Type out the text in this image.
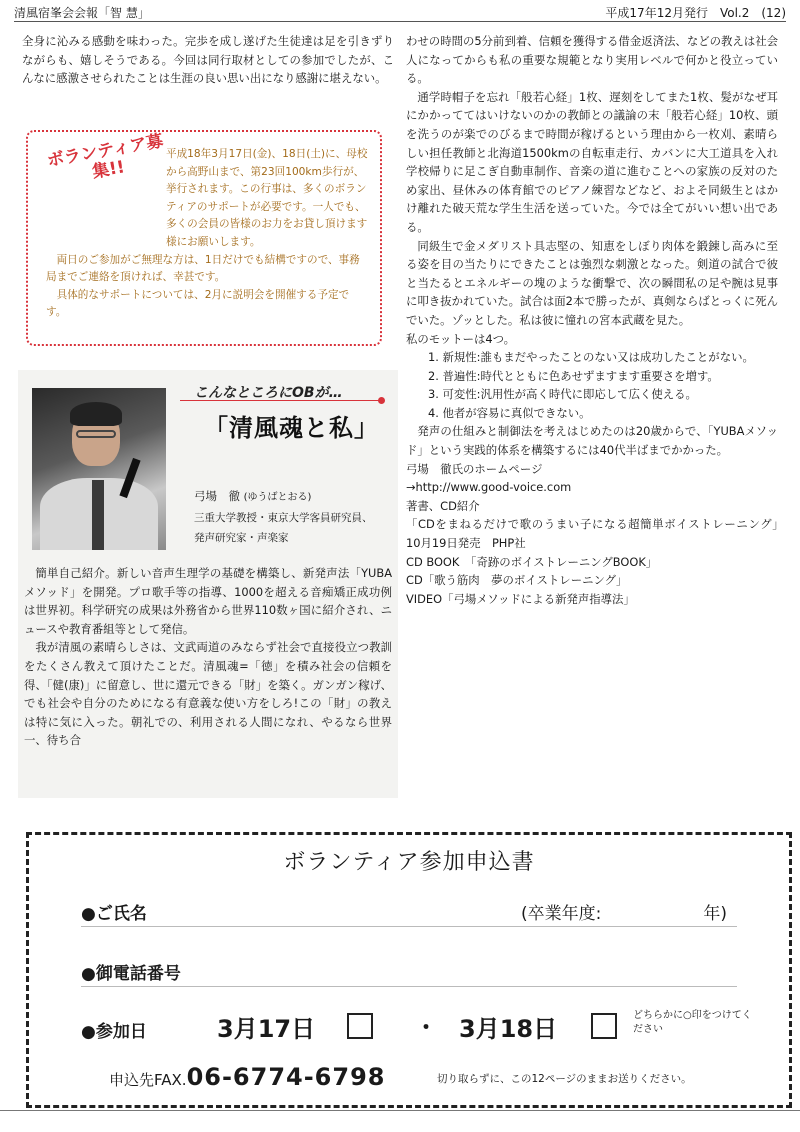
清風宿峯会会報「智 慧」	平成17年12月発行　Vol.2　(12)

全身に沁みる感動を味わった。完歩を成し遂げた生徒達は足を引きずりながらも、嬉しそうである。今回は同行取材としての参加でしたが、こんなに感激させられたことは生涯の良い思い出になり感謝に堪えない。

平成18年3月17日(金)、18日(土)に、母校から高野山まで、第23回100km歩行が、挙行されます。この行事は、多くのボランティアのサポートが必要です。一人でも、多くの会員の皆様のお力をお貸し頂けます様にお願いします。

両日のご参加がご無理な方は、1日だけでも結構ですので、事務局までご連絡を頂ければ、幸甚です。

具体的なサポートについては、2月に説明会を開催する予定です。

ボランティア募集!!
こんなところにOBが…
「清風魂と私」
弓場　徹 (ゆうばとおる)
三重大学教授・東京大学客員研究員、
発声研究家・声楽家

簡単自己紹介。新しい音声生理学の基礎を構築し、新発声法「YUBAメソッド」を開発。プロ歌手等の指導、1000を超える音痴矯正成功例は世界初。科学研究の成果は外務省から世界110数ヶ国に紹介され、ニュースや教育番組等として発信。

我が清風の素晴らしさは、文武両道のみならず社会で直接役立つ教訓をたくさん教えて頂けたことだ。清風魂=「徳」を積み社会の信頼を得、「健(康)」に留意し、世に還元できる「財」を築く。ガンガン稼げ、でも社会や自分のためになる有意義な使い方をしろ!この「財」の教えは特に気に入った。朝礼での、利用される人間になれ、やるなら世界一、待ち合

わせの時間の5分前到着、信頼を獲得する借金返済法、などの教えは社会人になってからも私の重要な規範となり実用レベルで何かと役立っている。

通学時帽子を忘れ「般若心経」1枚、遅刻をしてまた1枚、髪がなぜ耳にかかっててはいけないのかの教師との議論の末「般若心経」10枚、頭を洗うのが楽でのびるまで時間が稼げるという理由から一枚刈、素晴らしい担任教師と北海道1500kmの自転車走行、カバンに大工道具を入れ学校帰りに足こぎ自動車制作、音楽の道に進むことへの家族の反対のため家出、昼休みの体育館でのピアノ練習などなど、およそ同級生とはかけ離れた破天荒な学生生活を送っていた。今では全てがいい想い出である。

同級生で金メダリスト具志堅の、知恵をしぼり肉体を鍛錬し高みに至る姿を目の当たりにできたことは強烈な刺激となった。剣道の試合で彼と当たるとエネルギーの塊のような衝撃で、次の瞬間私の足や腕は見事に叩き抜かれていた。試合は面2本で勝ったが、真剣ならばとっくに死んでいた。ゾッとした。私は彼に憧れの宮本武蔵を見た。

私のモットーは4つ。

1. 新規性:誰もまだやったことのない又は成功したことがない。

2. 普遍性:時代とともに色あせずますます重要さを増す。

3. 可変性:汎用性が高く時代に即応して広く使える。

4. 他者が容易に真似できない。

発声の仕組みと制御法を考えはじめたのは20歳からで、「YUBAメソッド」という実践的体系を構築するには40代半ばまでかかった。

弓場　徹氏のホームページ

→http://www.good-voice.com

著書、CD紹介

「CDをまねるだけで歌のうまい子になる超簡単ボイストレーニング」　10月19日発売　PHP社

CD BOOK　「奇跡のボイストレーニングBOOK」

CD「歌う筋肉　夢のボイストレーニング」

VIDEO「弓場メソッドによる新発声指導法」

ボランティア参加申込書
●ご氏名	(卒業年度:	年)
●御電話番号
●参加日	3月17日	・ 3月18日	どちらかに○印をつけてください
申込先FAX.06-6774-6798	切り取らずに、この12ページのままお送りください。
